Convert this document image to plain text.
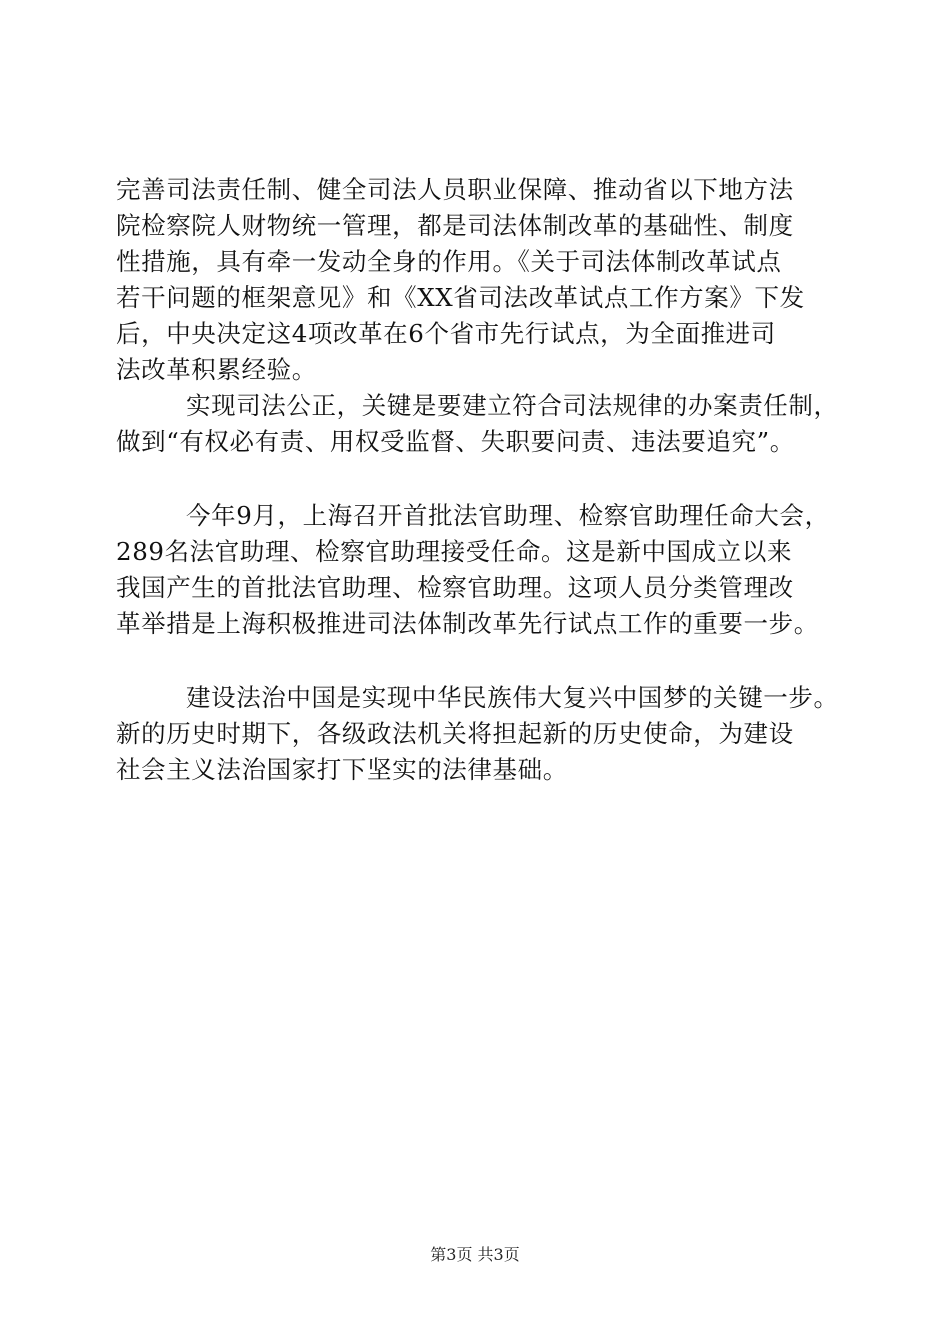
完善司法责任制、健全司法人员职业保障、推动省以下地方法
院检察院人财物统一管理，都是司法体制改革的基础性、制度
性措施，具有牵一发动全身的作用。《关于司法体制改革试点
若干问题的框架意见》和《XX省司法改革试点工作方案》下发
后，中央决定这4项改革在6个省市先行试点，为全面推进司
法改革积累经验。
实现司法公正，关键是要建立符合司法规律的办案责任制，
做到“有权必有责、用权受监督、失职要问责、违法要追究”。
今年9月，上海召开首批法官助理、检察官助理任命大会，
289名法官助理、检察官助理接受任命。这是新中国成立以来
我国产生的首批法官助理、检察官助理。这项人员分类管理改
革举措是上海积极推进司法体制改革先行试点工作的重要一步。
建设法治中国是实现中华民族伟大复兴中国梦的关键一步。
新的历史时期下，各级政法机关将担起新的历史使命，为建设
社会主义法治国家打下坚实的法律基础。
第3页 共3页
